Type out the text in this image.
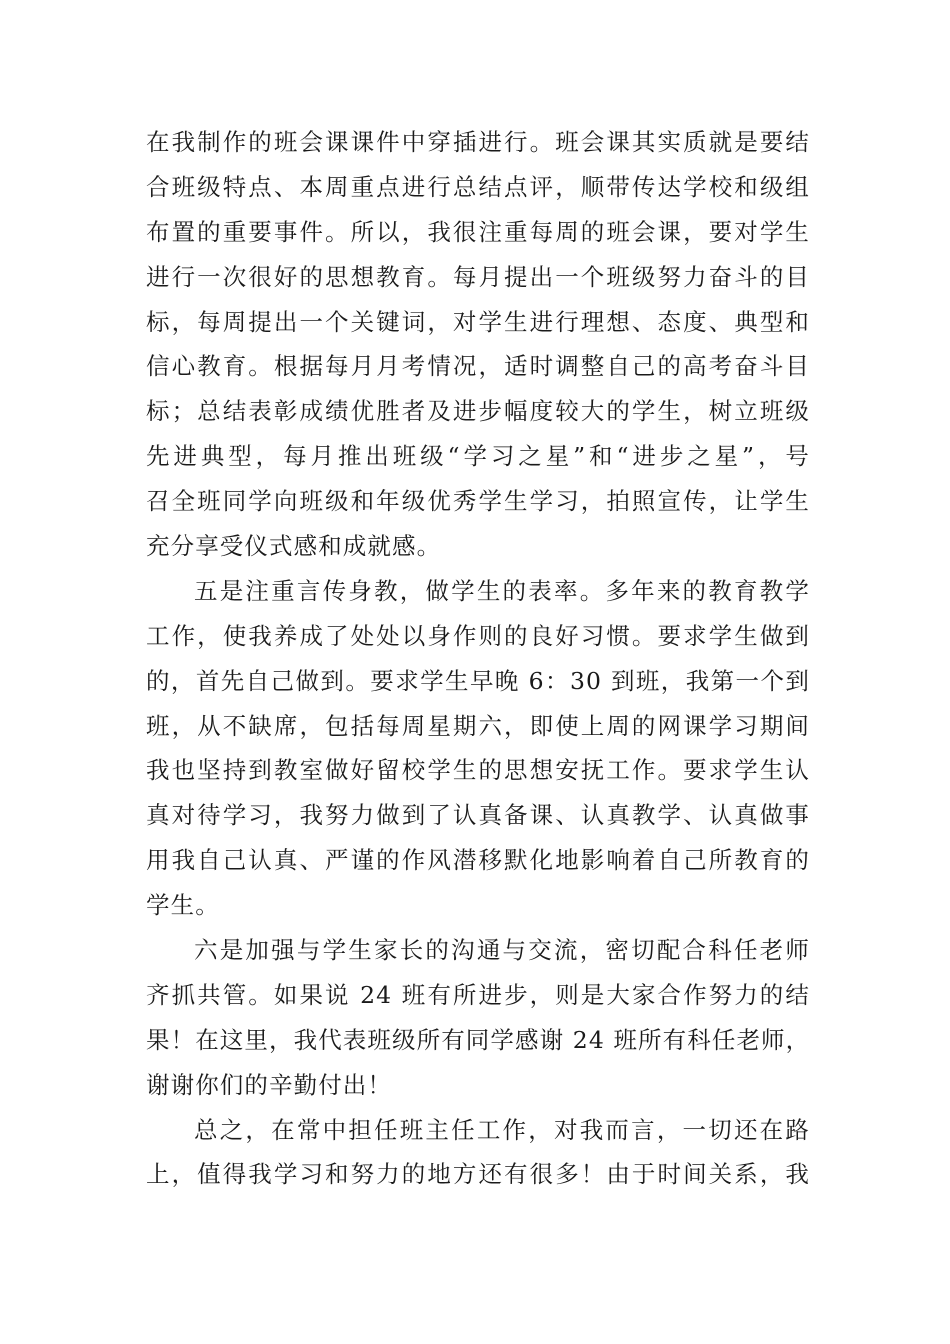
在我制作的班会课课件中穿插进行。班会课其实质就是要结
合班级特点、本周重点进行总结点评，顺带传达学校和级组
布置的重要事件。所以，我很注重每周的班会课，要对学生
进行一次很好的思想教育。每月提出一个班级努力奋斗的目
标，每周提出一个关键词，对学生进行理想、态度、典型和
信心教育。根据每月月考情况，适时调整自己的高考奋斗目
标；总结表彰成绩优胜者及进步幅度较大的学生，树立班级
先进典型，每月推出班级“学习之星”和“进步之星”，号
召全班同学向班级和年级优秀学生学习，拍照宣传，让学生
充分享受仪式感和成就感。
五是注重言传身教，做学生的表率。多年来的教育教学
工作，使我养成了处处以身作则的良好习惯。要求学生做到
的，首先自己做到。要求学生早晚 6：30 到班，我第一个到
班，从不缺席，包括每周星期六，即使上周的网课学习期间
我也坚持到教室做好留校学生的思想安抚工作。要求学生认
真对待学习，我努力做到了认真备课、认真教学、认真做事
用我自己认真、严谨的作风潜移默化地影响着自己所教育的
学生。
六是加强与学生家长的沟通与交流，密切配合科任老师
齐抓共管。如果说 24 班有所进步，则是大家合作努力的结
果！在这里，我代表班级所有同学感谢 24 班所有科任老师，
谢谢你们的辛勤付出！
总之，在常中担任班主任工作，对我而言，一切还在路
上，值得我学习和努力的地方还有很多！由于时间关系，我
